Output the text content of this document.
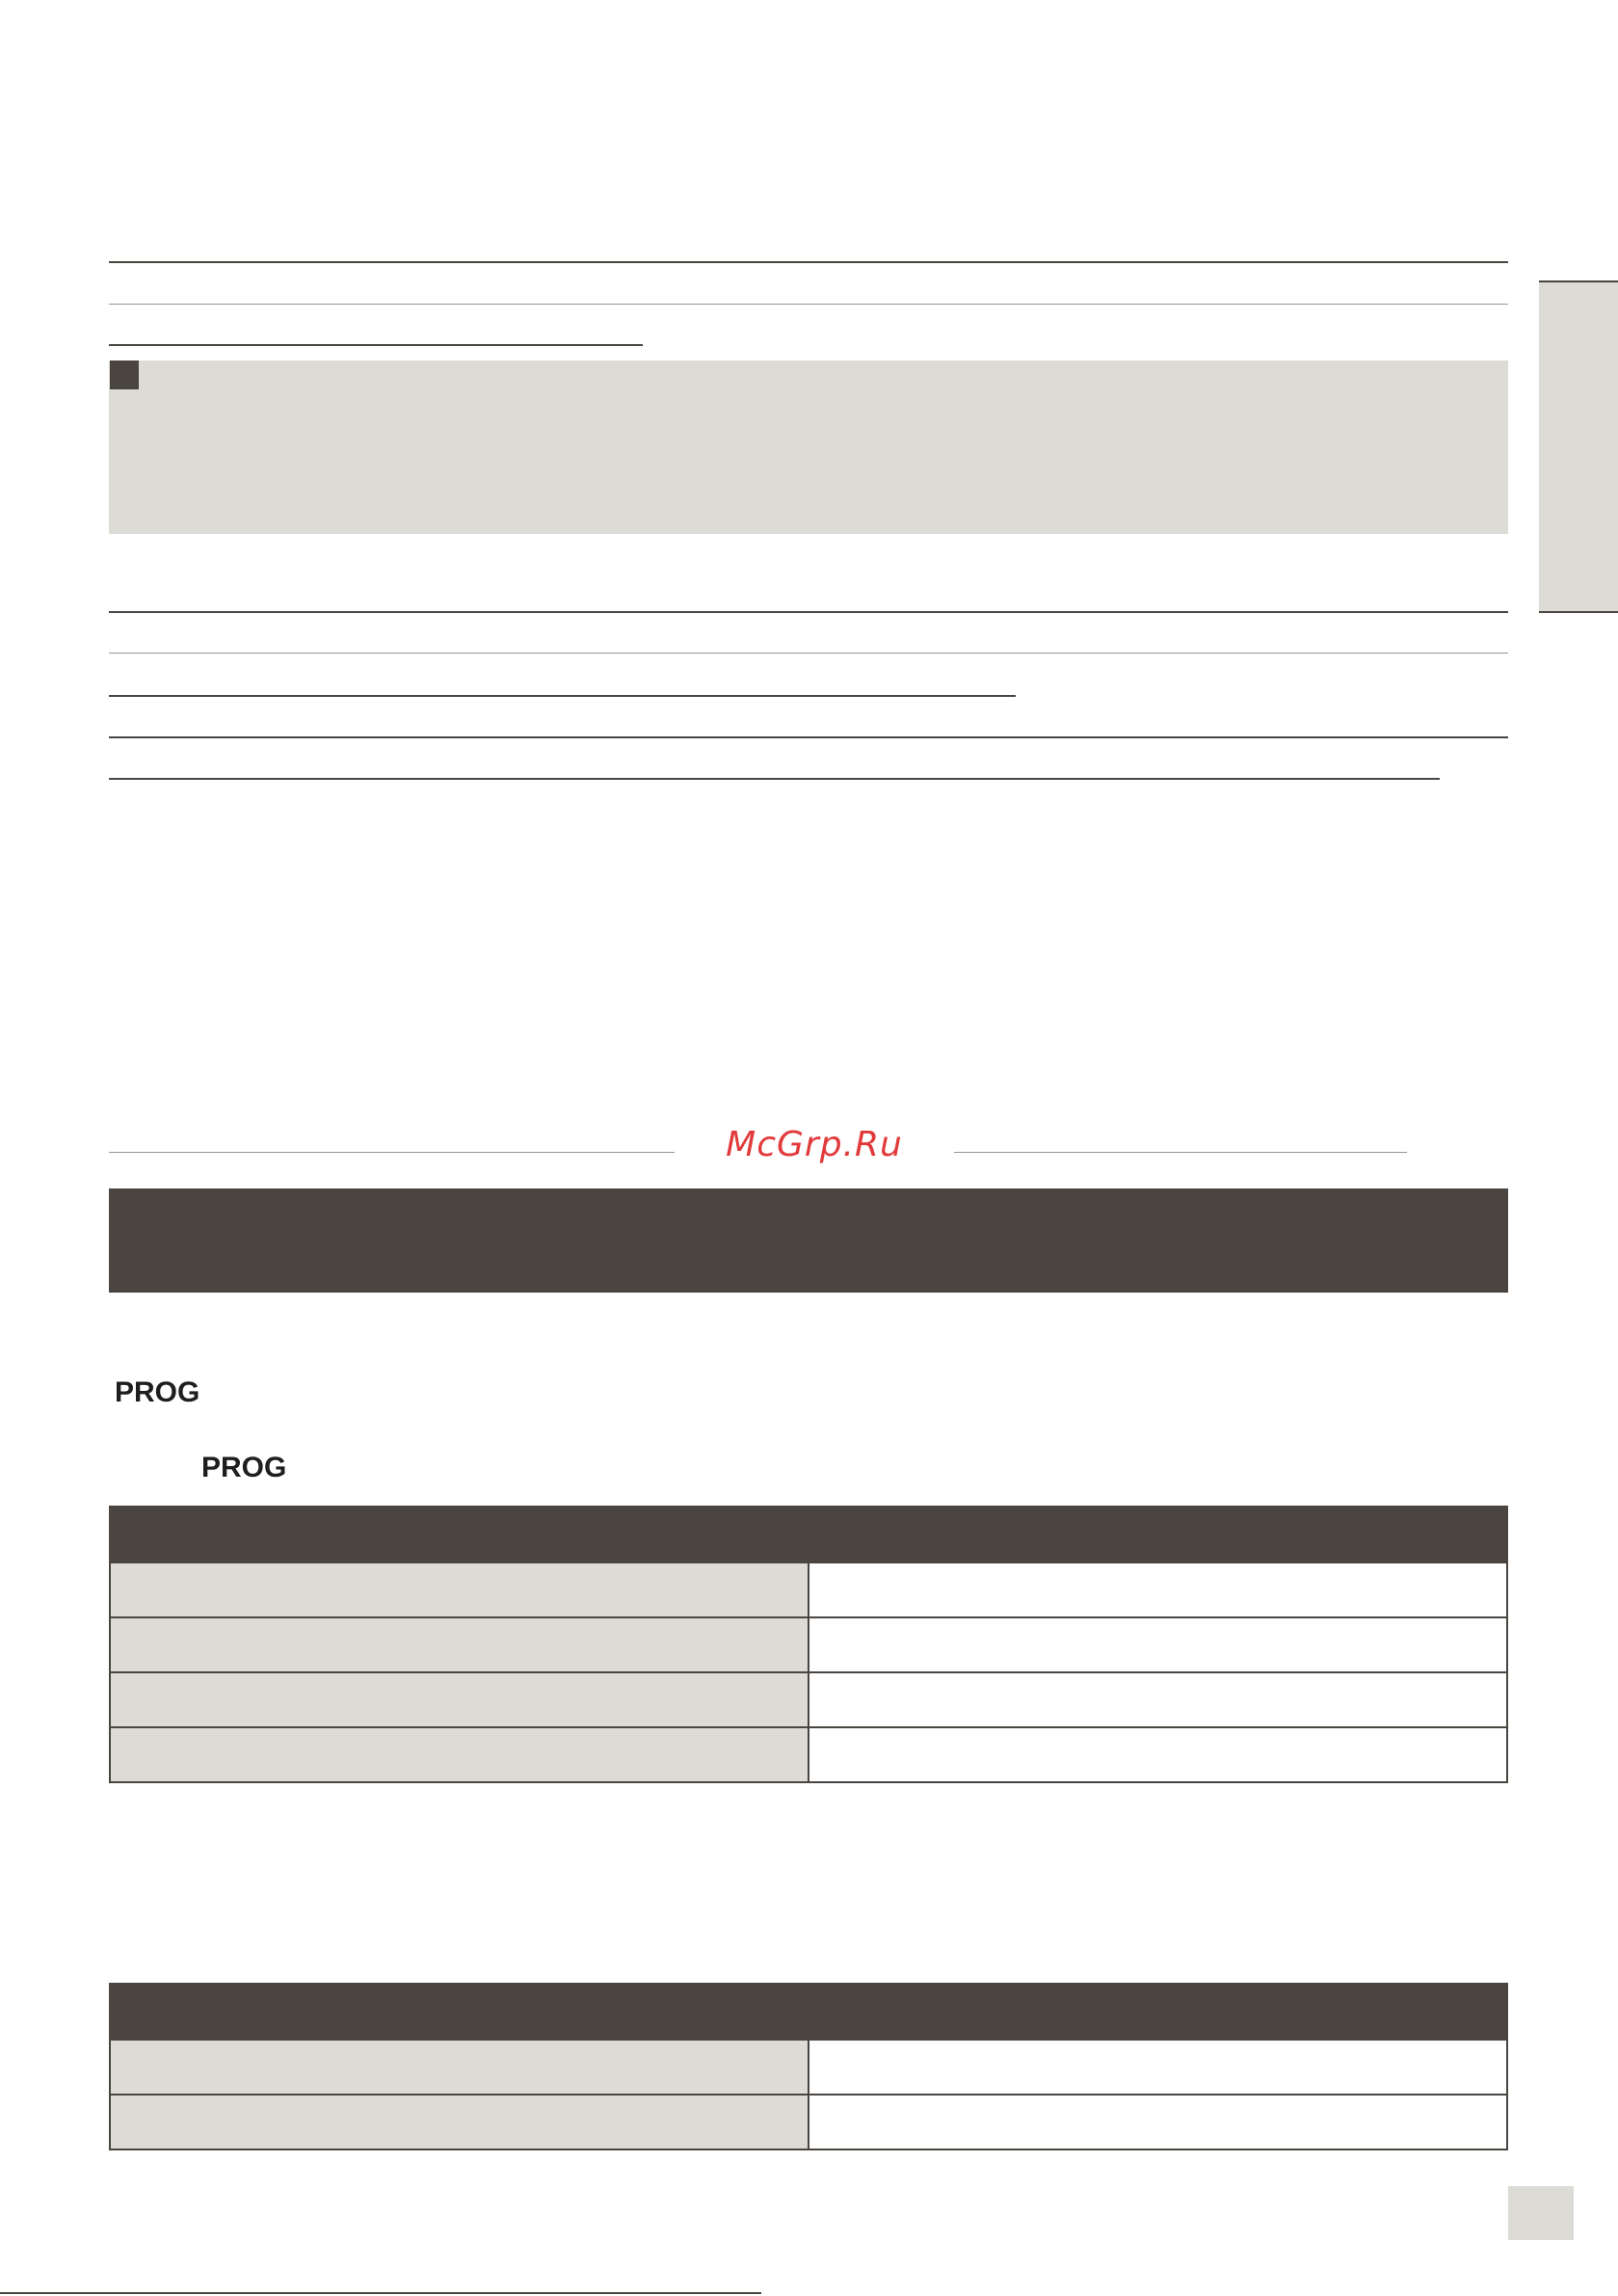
McGrp.Ru
PROG
PROG
